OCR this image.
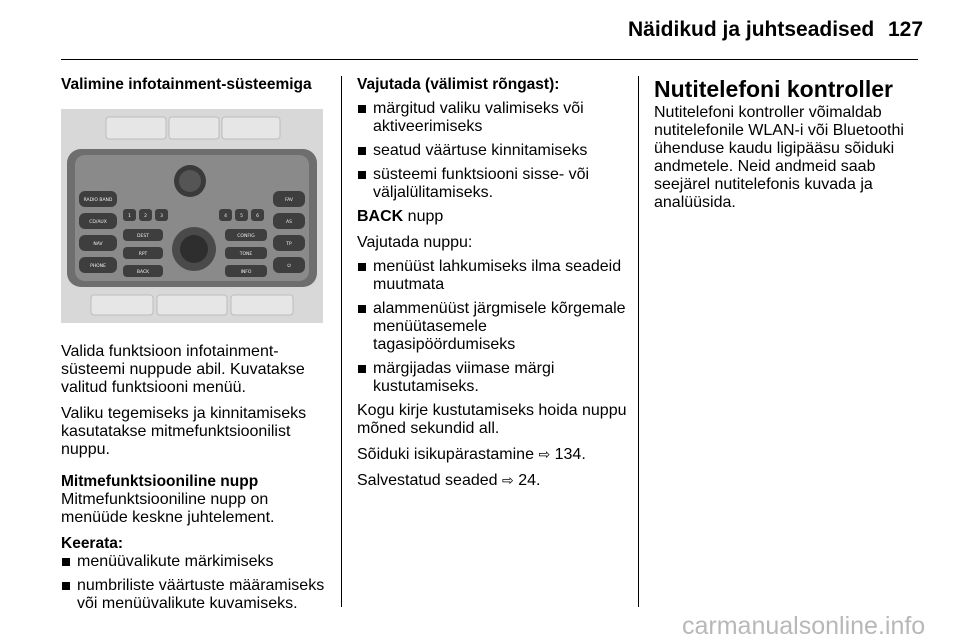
Näidikud ja juhtseadised 127

Valimine infotainment-süsteemiga

RADIO BAND
CD/AUX
NAV
PHONE
FAV
AS
TP
⏻
1	2	3	4	5	6
DEST	CONFIG
RPT	TONE
BACK	INFO

Valida funktsioon infotainment-süsteemi nuppude abil. Kuvatakse valitud funktsiooni menüü.

Valiku tegemiseks ja kinnitamiseks kasutatakse mitmefunktsioonilist nuppu.

Mitmefunktsiooniline nupp

Mitmefunktsiooniline nupp on menüüde keskne juhtelement.

Keerata:

menüüvalikute märkimiseks
numbriliste väärtuste määramiseks või menüüvalikute kuvamiseks.

Vajutada (välimist rõngast):

märgitud valiku valimiseks või aktiveerimiseks
seatud väärtuse kinnitamiseks
süsteemi funktsiooni sisse- või väljalülitamiseks.

BACK nupp

Vajutada nuppu:

menüüst lahkumiseks ilma seadeid muutmata
alammenüüst järgmisele kõrgemale menüütasemele tagasipöördumiseks
märgijadas viimase märgi kustutamiseks.

Kogu kirje kustutamiseks hoida nuppu mõned sekundid all.

Sõiduki isikupärastamine ⇨ 134.

Salvestatud seaded ⇨ 24.

Nutitelefoni kontroller

Nutitelefoni kontroller võimaldab nutitelefonile WLAN-i või Bluetoothi ühenduse kaudu ligipääsu sõiduki andmetele. Neid andmeid saab seejärel nutitelefonis kuvada ja analüüsida.

carmanualsonline.info
